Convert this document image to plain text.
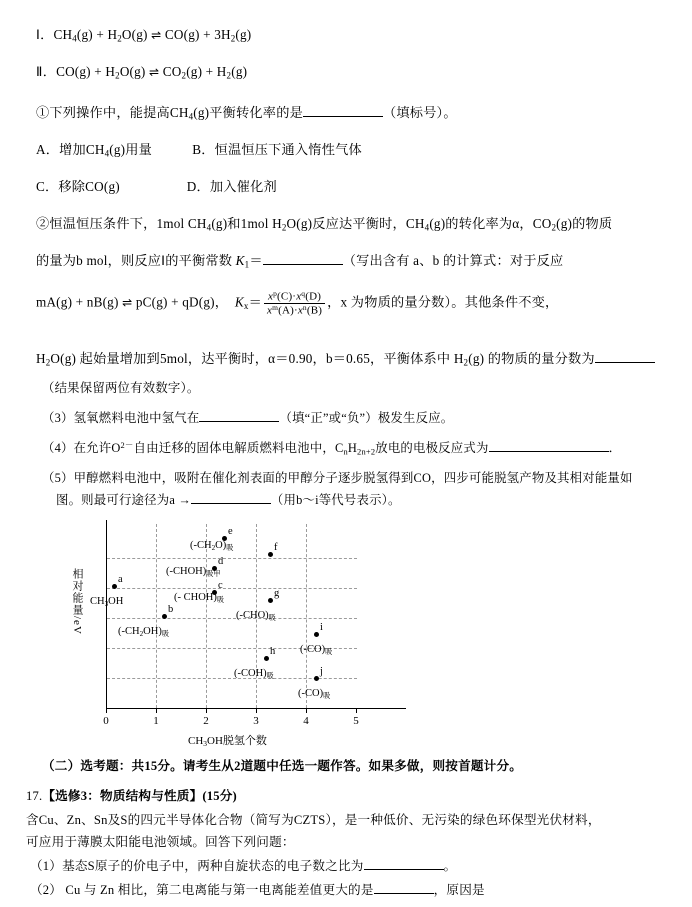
Ⅰ．$CH_4(g) + H_2O(g)$ ⇌ $CO(g) + 3H_2(g)$
Ⅱ．$CO(g) + H_2O(g)$ ⇌ $CO_2(g) + H_2(g)$
①下列操作中，能提高$CH_4(g)$平衡转化率的是	（填标号）。
A．增加$CH_4(g)$用量　　　B．恒温恒压下通入惰性气体
C．移除CO(g)　　　　　D．加入催化剂
②恒温恒压条件下，1mol $CH_4(g)$和1mol $H_2O(g)$反应达平衡时，$CH_4(g)$的转化率为α，$CO_2(g)$的物质
的量为b mol，则反应Ⅰ的平衡常数 $K_1=$	（写出含有 a、b 的计算式：对于反应
mA(g) + nB(g) ⇌ pC(g) + qD(g)，　$K_x= \frac{x^p(C)\cdot x^q(D)}{x^m(A)\cdot x^n(B)}$ ，x 为物质的量分数）。其他条件不变，
$H_2O(g)$ 起始量增加到5mol，达平衡时，α＝0.90，b＝0.65，平衡体系中 $H_2(g)$ 的物质的量分数为
（结果保留两位有效数字）。
（3）氢氧燃料电池中氢气在	（填“正”或“负”）极发生反应。
（4）在允许$O^{2-}$自由迁移的固体电解质燃料电池中，$C_nH_{2n+2}$放电的电极反应式为	．
（5）甲醇燃料电池中，吸附在催化剂表面的甲醇分子逐步脱氢得到CO，四步可能脱氢产物及其相对能量如
图。则最可行途径为a →	（用b～i等代号表示）。
相对能量/eV
0	1	2	3	4	5
$CH_3OH$脱氢个数
a
$CH_3OH$
b
$(-CH_2OH)_吸$
c
(- $CHOH)_吸$
d
$(-CHOH)_{吸甲}$
e
$(-CH_2O)_吸$	f
g
$(-CHO)_吸$
h
$(-COH)_吸$
i
$(-CO)_吸$
j
$(-CO)_吸$
（二）选考题：共15分。请考生从2道题中任选一题作答。如果多做，则按首题计分。
17.【选修3：物质结构与性质】(15分)
含Cu、Zn、Sn及S的四元半导体化合物（简写为CZTS），是一种低价、无污染的绿色环保型光伏材料，
可应用于薄膜太阳能电池领域。回答下列问题：
（1）基态S原子的价电子中，两种自旋状态的电子数之比为	。
（2） Cu 与 Zn 相比，第二电离能与第一电离能差值更大的是	，原因是
